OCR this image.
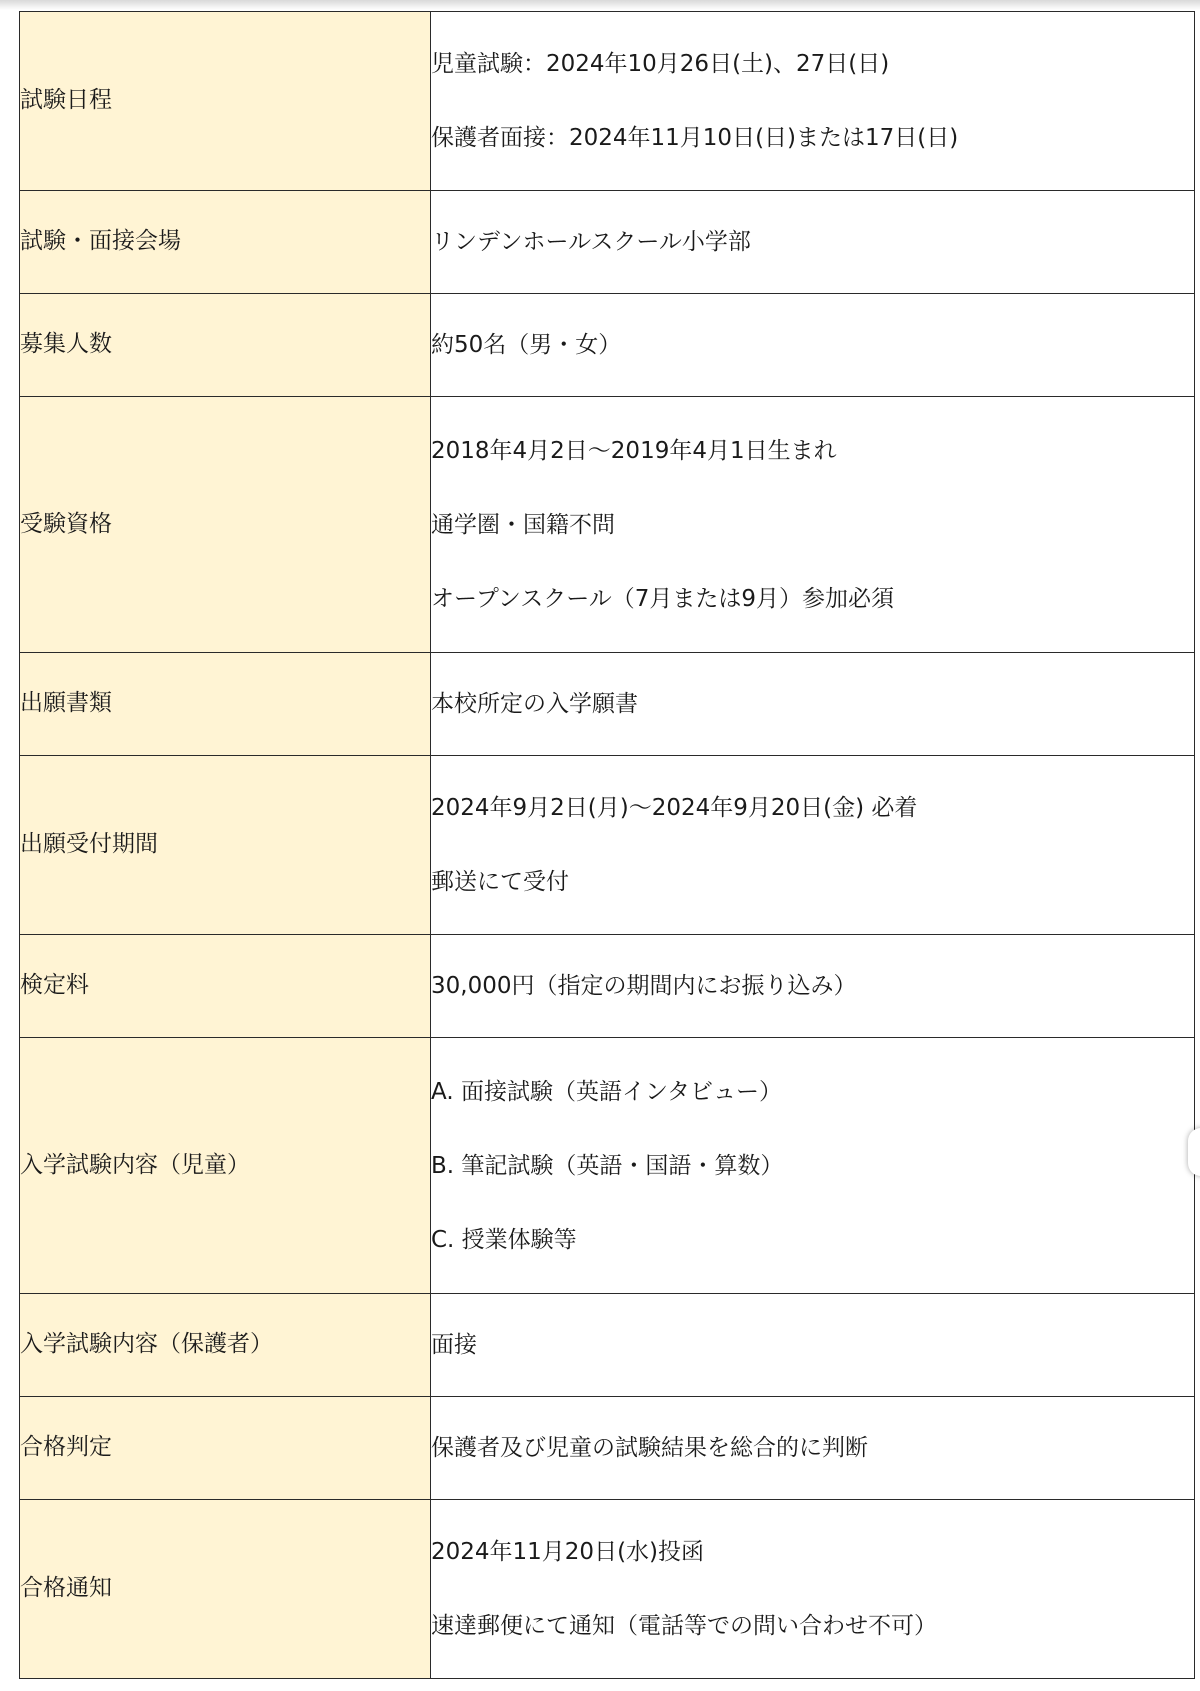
試験日程	児童試験：2024年10月26日(土)、27日(日)
保護者面接：2024年11月10日(日)または17日(日)

試験・面接会場	リンデンホールスクール小学部

募集人数	約50名（男・女）

受験資格	2018年4月2日～2019年4月1日生まれ
通学圏・国籍不問
オープンスクール（7月または9月）参加必須

出願書類	本校所定の入学願書

出願受付期間	2024年9月2日(月)～2024年9月20日(金) 必着
郵送にて受付

検定料	30,000円（指定の期間内にお振り込み）

入学試験内容（児童）	A. 面接試験（英語インタビュー）
B. 筆記試験（英語・国語・算数）
C. 授業体験等

入学試験内容（保護者）	面接

合格判定	保護者及び児童の試験結果を総合的に判断

合格通知	2024年11月20日(水)投函
速達郵便にて通知（電話等での問い合わせ不可）
